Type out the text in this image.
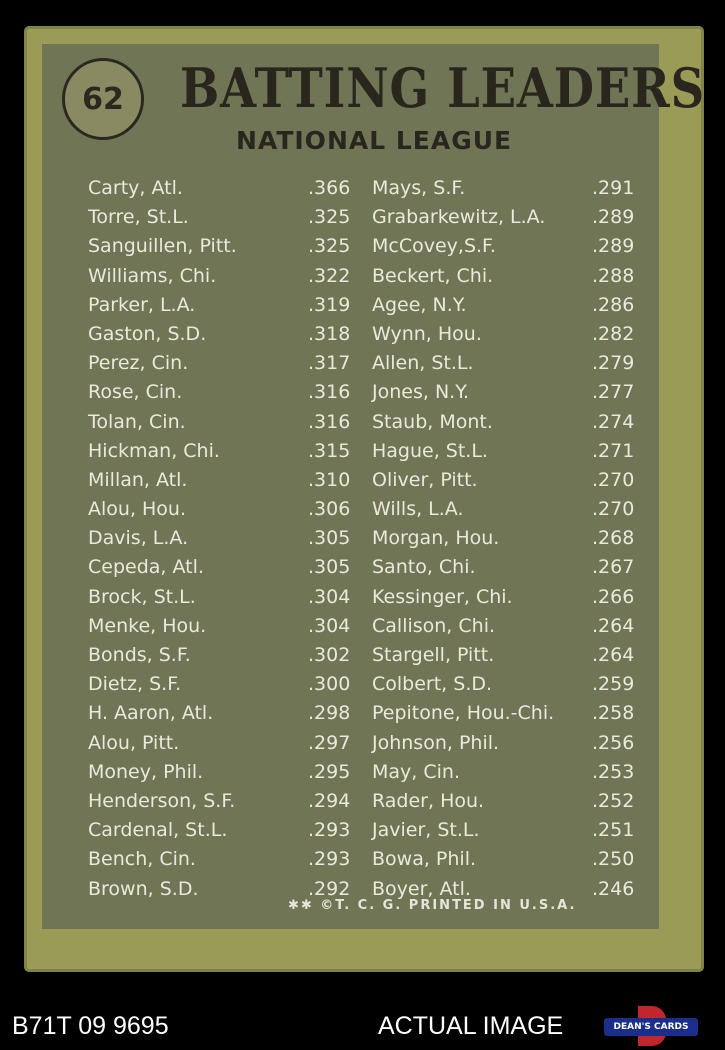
62 BATTING LEADERS
NATIONAL LEAGUE
Carty, Atl.
Torre, St.L.
Sanguillen, Pitt.
Williams, Chi.
Parker, L.A.
Gaston, S.D.
Perez, Cin.
Rose, Cin.
Tolan, Cin.
Hickman, Chi.
Millan, Atl.
Alou, Hou.
Davis, L.A.
Cepeda, Atl.
Brock, St.L.
Menke, Hou.
Bonds, S.F.
Dietz, S.F.
H. Aaron, Atl.
Alou, Pitt.
Money, Phil.
Henderson, S.F.
Cardenal, St.L.
Bench, Cin.
Brown, S.D.
.366
.325
.325
.322
.319
.318
.317
.316
.316
.315
.310
.306
.305
.305
.304
.304
.302
.300
.298
.297
.295
.294
.293
.293
.292
Mays, S.F.
Grabarkewitz, L.A.
McCovey,S.F.
Beckert, Chi.
Agee, N.Y.
Wynn, Hou.
Allen, St.L.
Jones, N.Y.
Staub, Mont.
Hague, St.L.
Oliver, Pitt.
Wills, L.A.
Morgan, Hou.
Santo, Chi.
Kessinger, Chi.
Callison, Chi.
Stargell, Pitt.
Colbert, S.D.
Pepitone, Hou.-Chi.
Johnson, Phil.
May, Cin.
Rader, Hou.
Javier, St.L.
Bowa, Phil.
Boyer, Atl.
.291
.289
.289
.288
.286
.282
.279
.277
.274
.271
.270
.270
.268
.267
.266
.264
.264
.259
.258
.256
.253
.252
.251
.250
.246
✱✱ ©T. C. G. PRINTED IN U.S.A.
B71T 09 9695	ACTUAL IMAGE	DEAN'S CARDS
